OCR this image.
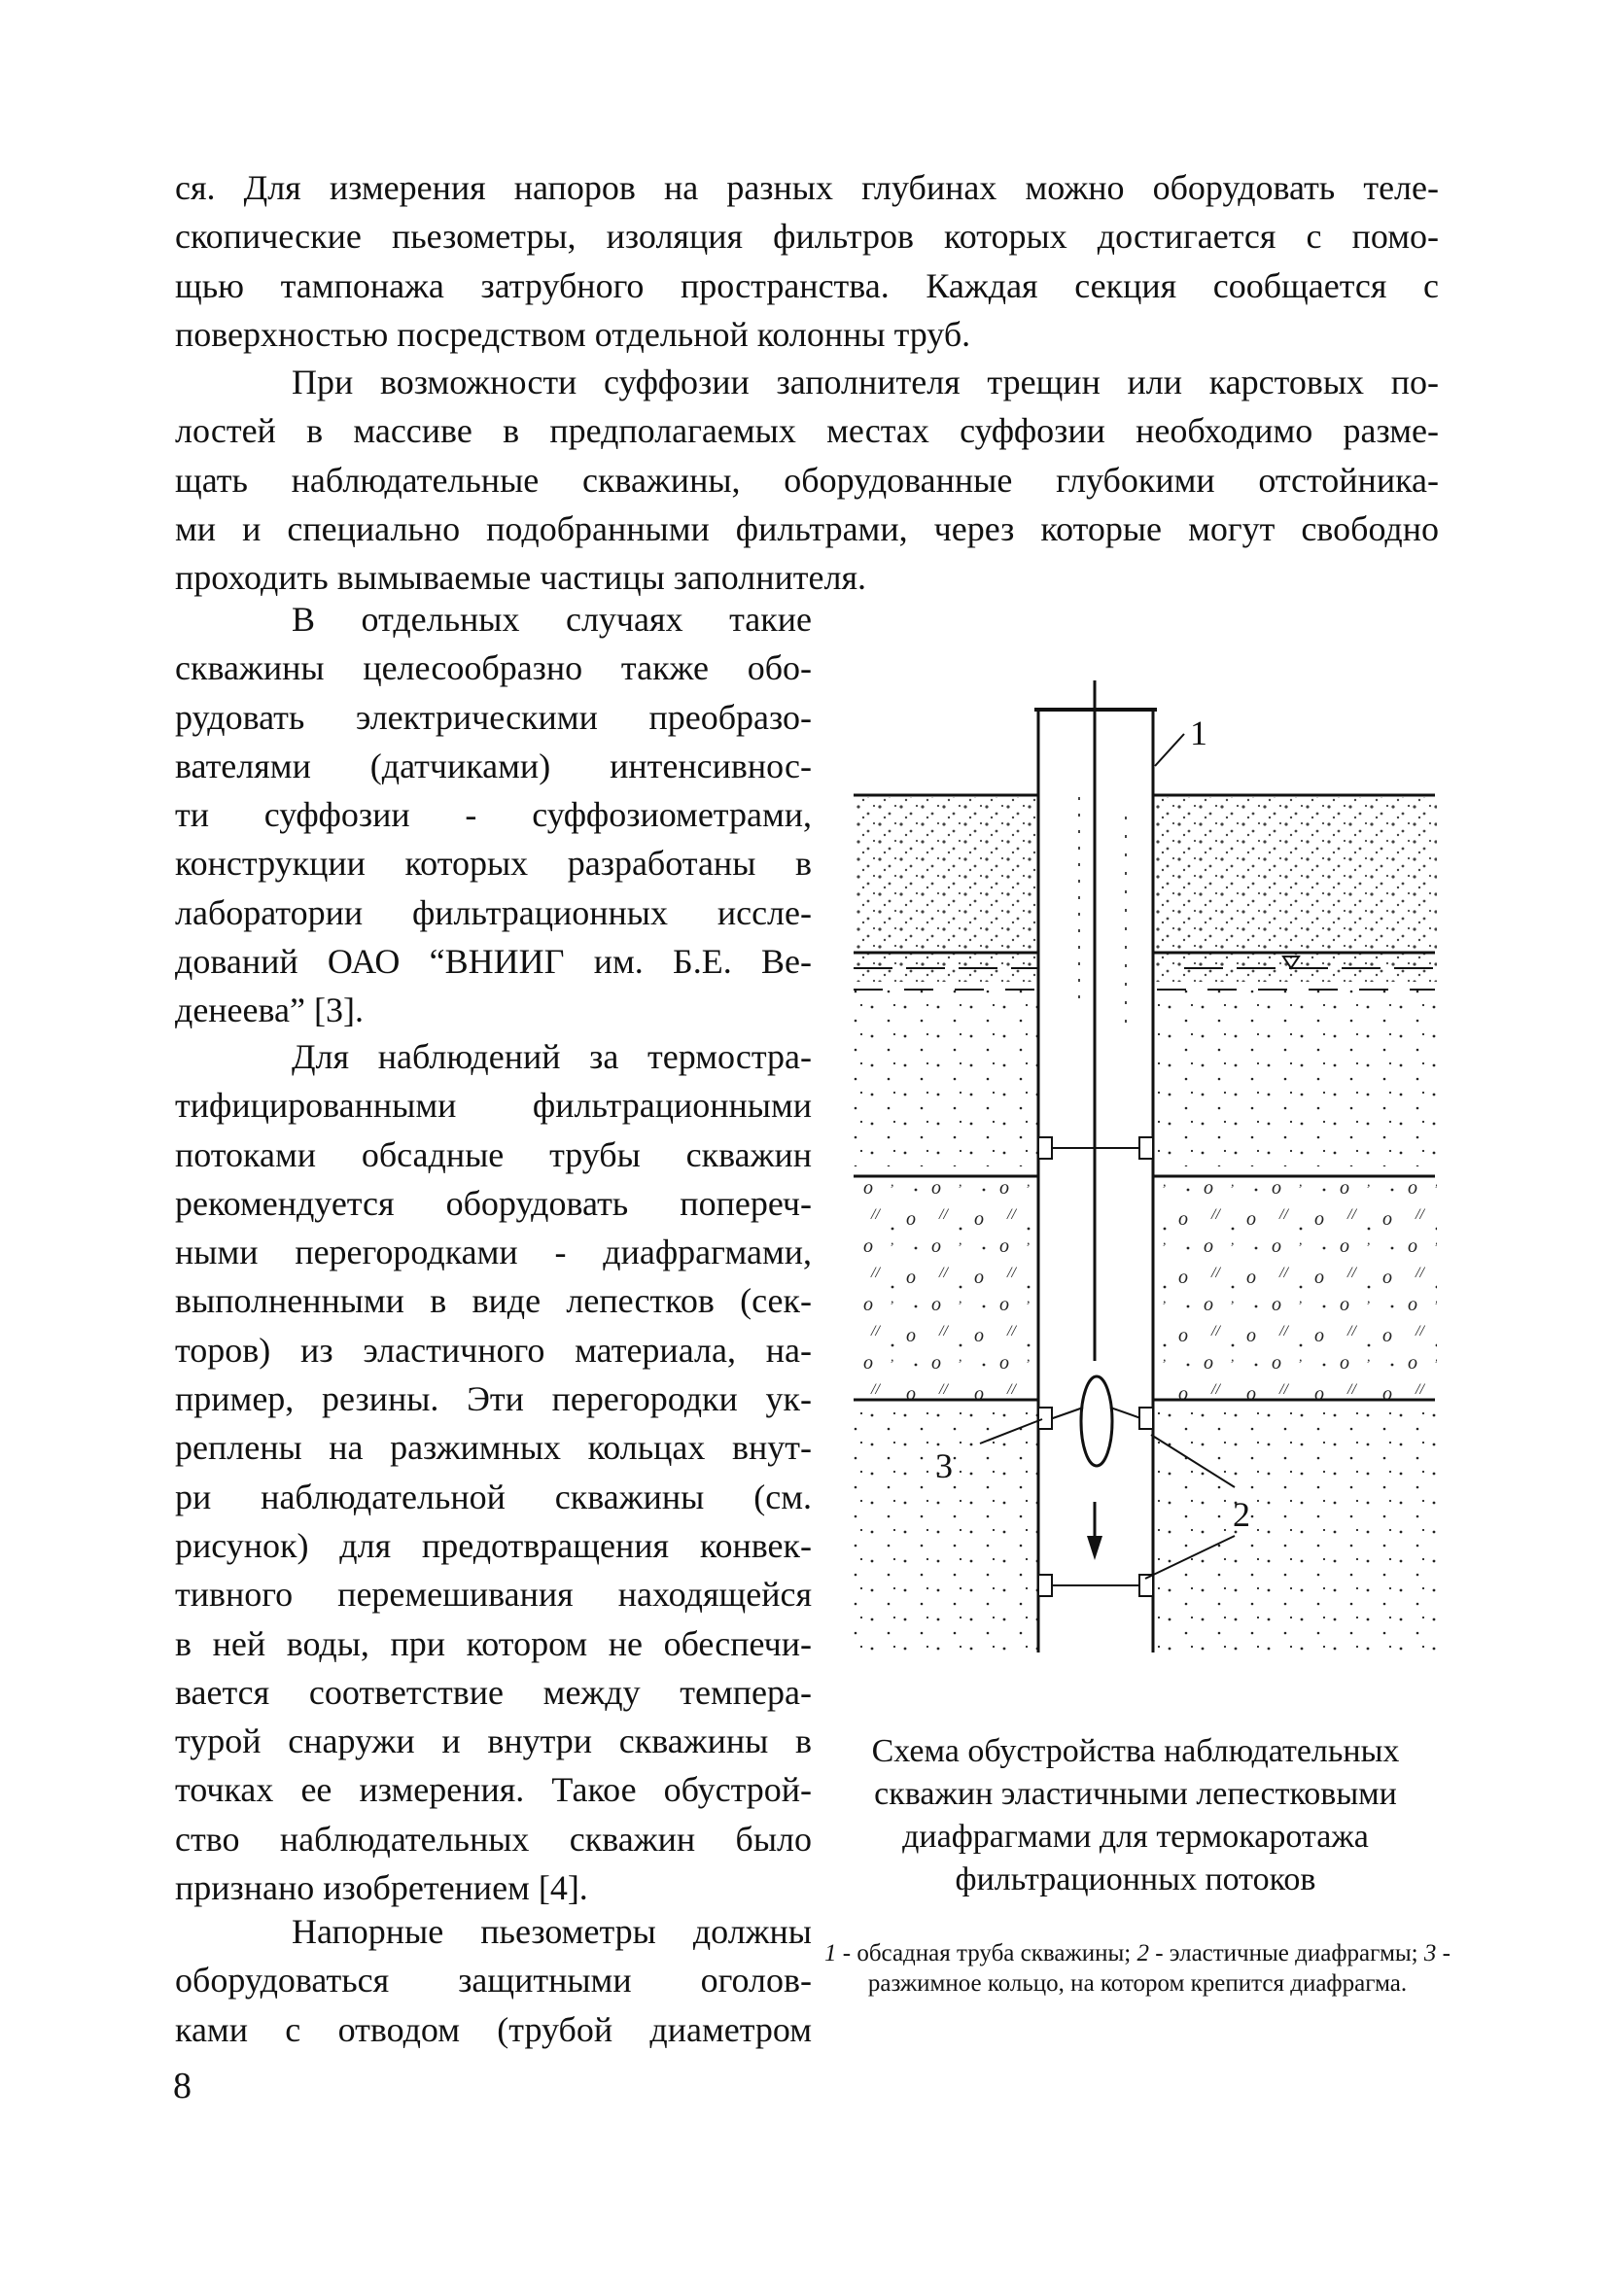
ся. Для измерения напоров на разных глубинах можно оборудовать теле-
скопические пьезометры, изоляция фильтров которых достигается с помо-
щью тампонажа затрубного пространства. Каждая секция сообщается с
поверхностью посредством отдельной колонны труб.
При возможности суффозии заполнителя трещин или карстовых по-
лостей в массиве в предполагаемых местах суффозии необходимо разме-
щать наблюдательные скважины, оборудованные глубокими отстойника-
ми и специально подобранными фильтрами, через которые могут свободно
проходить вымываемые частицы заполнителя.
В отдельных случаях такие
скважины целесообразно также обо-
рудовать электрическими преобразо-
вателями (датчиками) интенсивнос-
ти суффозии - суффозиометрами,
конструкции которых разработаны в
лаборатории фильтрационных иссле-
дований ОАО “ВНИИГ им. Б.Е. Ве-
денеева” [3].
Для наблюдений за термостра-
тифицированными фильтрационными
потоками обсадные трубы скважин
рекомендуется оборудовать попереч-
ными перегородками - диафрагмами,
выполненными в виде лепестков (сек-
торов) из эластичного материала, на-
пример, резины. Эти перегородки ук-
реплены на разжимных кольцах внут-
ри наблюдательной скважины (см.
рисунок) для предотвращения конвек-
тивного перемешивания находящейся
в ней воды, при котором не обеспечи-
вается соответствие между темпера-
турой снаружи и внутри скважины в
точках ее измерения. Такое обустрой-
ство наблюдательных скважин было
признано изобретением [4].
Напорные пьезометры должны
оборудоваться защитными оголов-
ками с отводом (трубой диаметром
1
2
3
Схема обустройства наблюдательных
скважин эластичными лепестковыми
диафрагмами для термокаротажа
фильтрационных потоков
1 - обсадная труба скважины; 2 - эластичные диафрагмы; 3 - разжимное кольцо, на котором крепится диафрагма.
8
